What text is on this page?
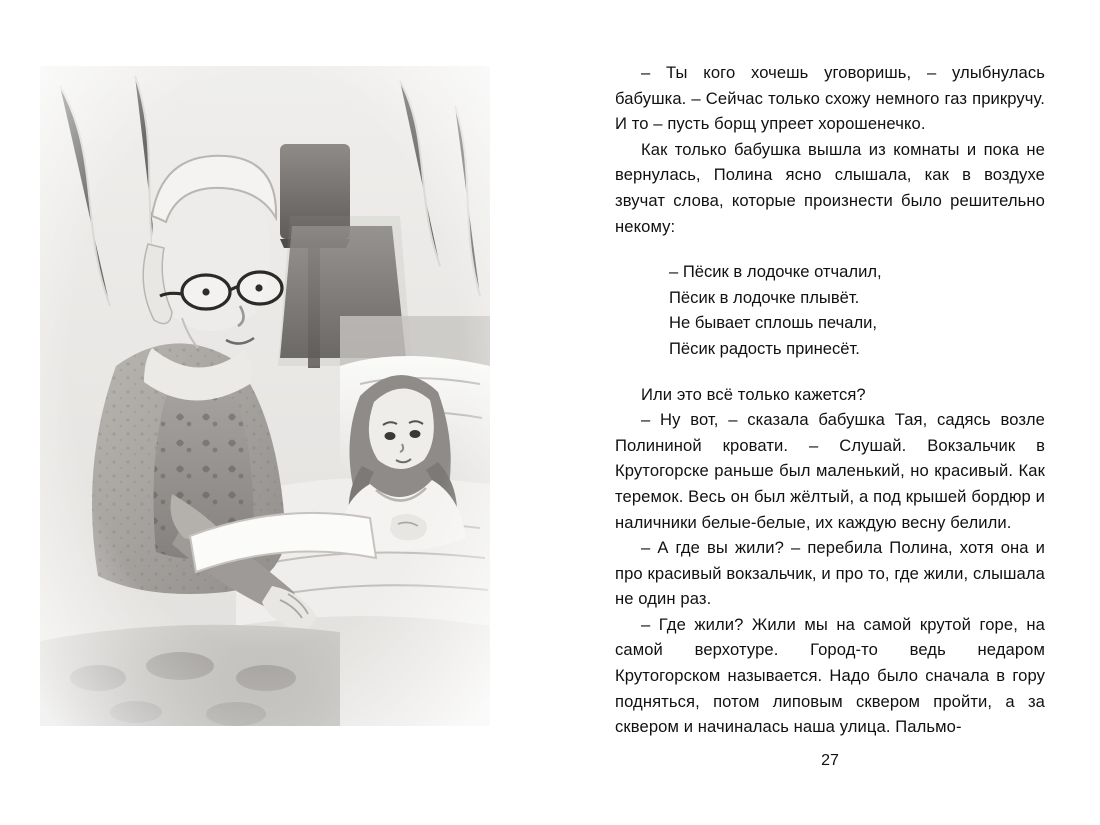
– Ты кого хочешь уговоришь, – улыбнулась бабушка. – Сейчас только схожу немного газ прикручу. И то – пусть борщ упреет хорошенечко.

Как только бабушка вышла из комнаты и пока не вернулась, Полина ясно слышала, как в воздухе звучат слова, которые произнести было решительно некому:

– Пёсик в лодочке отчалил,
Пёсик в лодочке плывёт.
Не бывает сплошь печали,
Пёсик радость принесёт.

Или это всё только кажется?

– Ну вот, – сказала бабушка Тая, садясь возле Полининой кровати. – Слушай. Вокзальчик в Крутогорске раньше был маленький, но красивый. Как теремок. Весь он был жёлтый, а под крышей бордюр и наличники белые-белые, их каждую весну белили.

– А где вы жили? – перебила Полина, хотя она и про красивый вокзальчик, и про то, где жили, слышала не один раз.

– Где жили? Жили мы на самой крутой горе, на самой верхотуре. Город-то ведь недаром Крутогорском называется. Надо было сначала в гору подняться, потом липовым сквером пройти, а за сквером и начиналась наша улица. Пальмо-

27
